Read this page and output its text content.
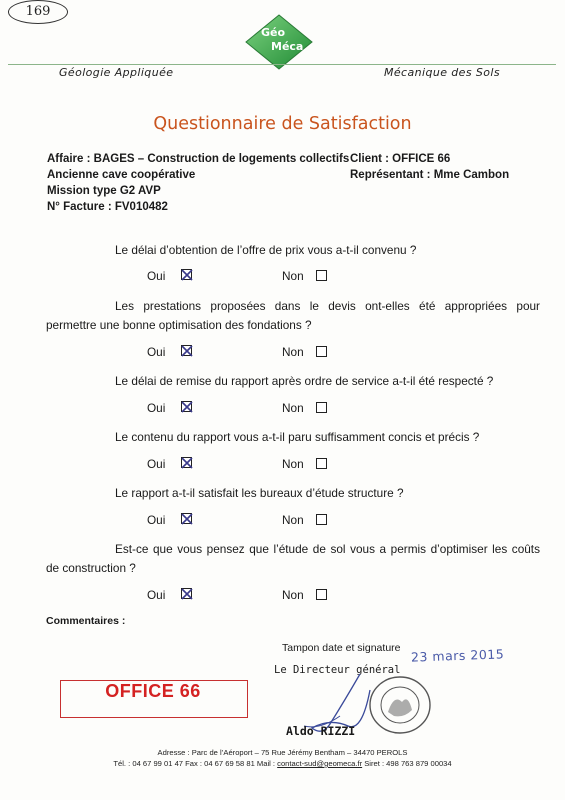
169
Géo
Méca
Géologie Appliquée	Mécanique des Sols
Questionnaire de Satisfaction
Affaire : BAGES – Construction de logements collectifs
Ancienne cave coopérative
Mission type G2 AVP
N° Facture : FV010482
Client : OFFICE 66
Représentant : Mme Cambon
Le délai d’obtention de l’offre de prix vous a-t-il convenu ?
Oui	Non
Les prestations proposées dans le devis ont-elles été appropriées pour
permettre une bonne optimisation des fondations ?
Oui	Non
Le délai de remise du rapport après ordre de service a-t-il été respecté ?
Oui	Non
Le contenu du rapport vous a-t-il paru suffisamment concis et précis ?
Oui	Non
Le rapport a-t-il satisfait les bureaux d’étude structure ?
Oui	Non
Est-ce que vous pensez que l’étude de sol vous a permis d’optimiser les coûts
de construction ?
Oui	Non
Commentaires :
Tampon date et signature 23 mars 2015
Le Directeur général
OFFICE 66
Aldo RIZZI
Adresse : Parc de l’Aéroport – 75 Rue Jérémy Bentham – 34470 PEROLS
Tél. : 04 67 99 01 47 Fax : 04 67 69 58 81 Mail : contact-sud@geomeca.fr Siret : 498 763 879 00034
